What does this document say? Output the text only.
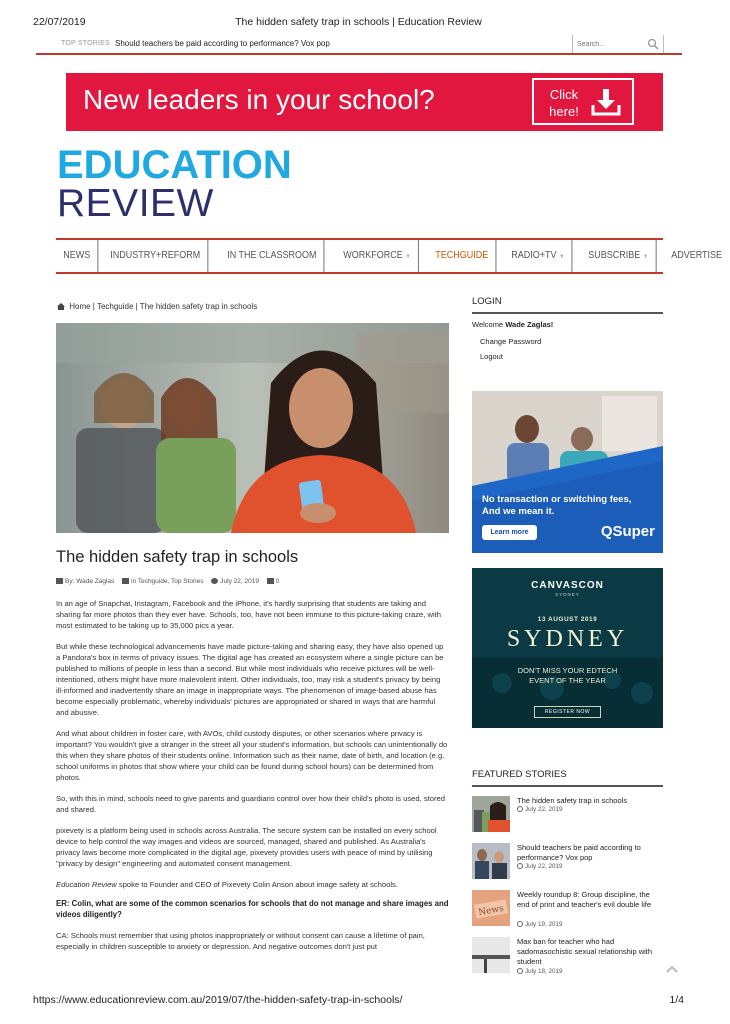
22/07/2019	The hidden safety trap in schools | Education Review
TOP STORIES Should teachers be paid according to performance? Vox pop
Search...
New leaders in your school?	Click here!
EDUCATION
REVIEW
NEWS	INDUSTRY+REFORM	IN THE CLASSROOM	WORKFORCE ▼	TECHGUIDE	RADIO+TV ▼	SUBSCRIBE ▼	ADVERTISE
Home | Techguide | The hidden safety trap in schools
The hidden safety trap in schools
By: Wade Zaglas	in Techguide, Top Stories	July 22, 2019	0

In an age of Snapchat, Instagram, Facebook and the iPhone, it's hardly surprising that students are taking and sharing far more photos than they ever have. Schools, too, have not been immune to this picture-taking craze, with most estimated to be taking up to 35,000 pics a year.

But while these technological advancements have made picture-taking and sharing easy, they have also opened up a Pandora's box in terms of privacy issues. The digital age has created an ecosystem where a single picture can be published to millions of people in less than a second. But while most individuals who receive pictures will be well-intentioned, others might have more malevolent intent. Other individuals, too, may risk a student's privacy by being ill-informed and inadvertently share an image in inappropriate ways. The phenomenon of image-based abuse has become especially problematic, whereby individuals' pictures are appropriated or shared in ways that are harmful and abusive.

And what about children in foster care, with AVOs, child custody disputes, or other scenarios where privacy is important? You wouldn't give a stranger in the street all your student's information, but schools can unintentionally do this when they share photos of their students online. Information such as their name, date of birth, and location (e.g. school uniforms in photos that show where your child can be found during school hours) can be determined from photos.

So, with this in mind, schools need to give parents and guardians control over how their child's photo is used, stored and shared.

pixevety is a platform being used in schools across Australia. The secure system can be installed on every school device to help control the way images and videos are sourced, managed, shared and published. As Australia's privacy laws become more complicated in the digital age, pixevety provides users with peace of mind by utilising "privacy by design" engineering and automated consent management.

Education Review spoke to Founder and CEO of Pixevety Colin Anson about image safety at schools.

ER: Colin, what are some of the common scenarios for schools that do not manage and share images and videos diligently?

CA: Schools must remember that using photos inappropriately or without consent can cause a lifetime of pain, especially in children susceptible to anxiety or depression. And negative outcomes don't just put

LOGIN
Welcome Wade Zaglas!
Change Password
Logout
No transaction or switching fees,
And we mean it.
Learn more	QSuper
CANVASCON
SYDNEY
13 AUGUST 2019
SYDNEY
DON'T MISS YOUR EDTECH
EVENT OF THE YEAR
REGISTER NOW
FEATURED STORIES
The hidden safety trap in schools
July 22, 2019
Should teachers be paid according to performance? Vox pop
July 22, 2019
News
Weekly roundup 8: Group discipline, the end of print and teacher's evil double life
July 19, 2019
Max ban for teacher who had sadomasochistic sexual relationship with student
July 18, 2019
https://www.educationreview.com.au/2019/07/the-hidden-safety-trap-in-schools/	1/4
